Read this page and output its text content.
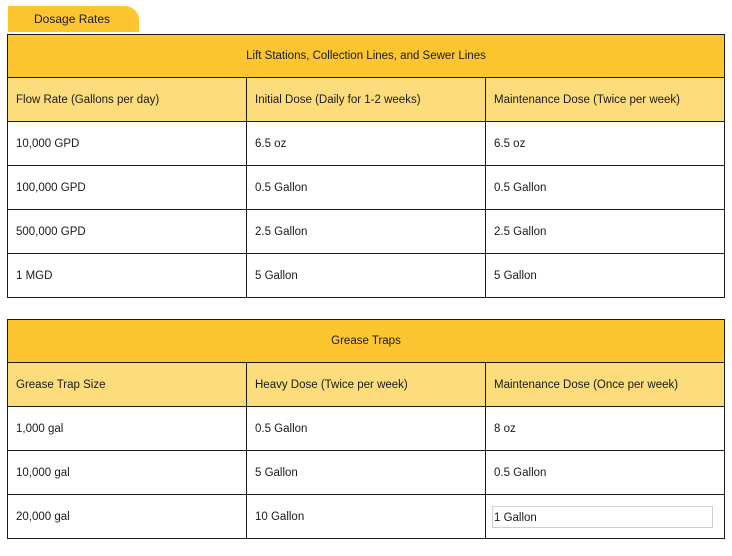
Dosage Rates
Lift Stations, Collection Lines, and Sewer Lines		
Flow Rate (Gallons per day)	Initial Dose (Daily for 1-2 weeks)	Maintenance Dose (Twice per week)
10,000 GPD	6.5 oz	6.5 oz
100,000 GPD	0.5 Gallon	0.5 Gallon
500,000 GPD	2.5 Gallon	2.5 Gallon
1 MGD	5 Gallon	5 Gallon
Grease Traps		
Grease Trap Size	Heavy Dose (Twice per week)	Maintenance Dose (Once per week)
1,000 gal	0.5 Gallon	8 oz
10,000 gal	5 Gallon	0.5 Gallon
20,000 gal	10 Gallon	1 Gallon
